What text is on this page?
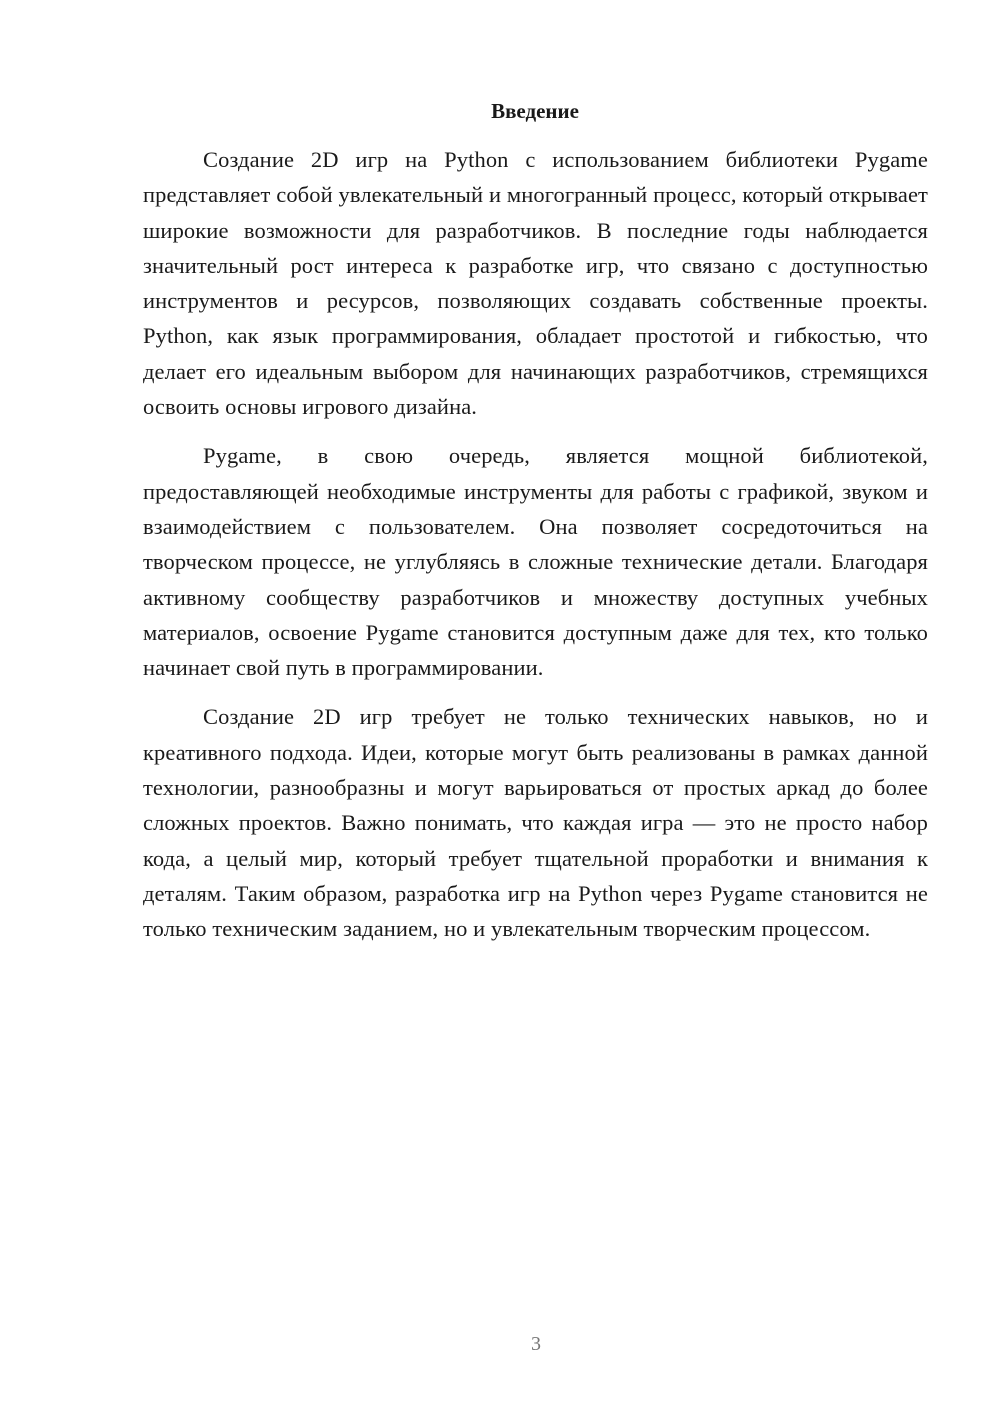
Введение

Создание 2D игр на Python с использованием библиотеки Pygame представляет собой увлекательный и многогранный процесс, который открывает широкие возможности для разработчиков. В последние годы наблюдается значительный рост интереса к разработке игр, что связано с доступностью инструментов и ресурсов, позволяющих создавать собственные проекты. Python, как язык программирования, обладает простотой и гибкостью, что делает его идеальным выбором для начинающих разработчиков, стремящихся освоить основы игрового дизайна.

Pygame, в свою очередь, является мощной библиотекой, предоставляющей необходимые инструменты для работы с графикой, звуком и взаимодействием с пользователем. Она позволяет сосредоточиться на творческом процессе, не углубляясь в сложные технические детали. Благодаря активному сообществу разработчиков и множеству доступных учебных материалов, освоение Pygame становится доступным даже для тех, кто только начинает свой путь в программировании.

Создание 2D игр требует не только технических навыков, но и креативного подхода. Идеи, которые могут быть реализованы в рамках данной технологии, разнообразны и могут варьироваться от простых аркад до более сложных проектов. Важно понимать, что каждая игра — это не просто набор кода, а целый мир, который требует тщательной проработки и внимания к деталям. Таким образом, разработка игр на Python через Pygame становится не только техническим заданием, но и увлекательным творческим процессом.

3
